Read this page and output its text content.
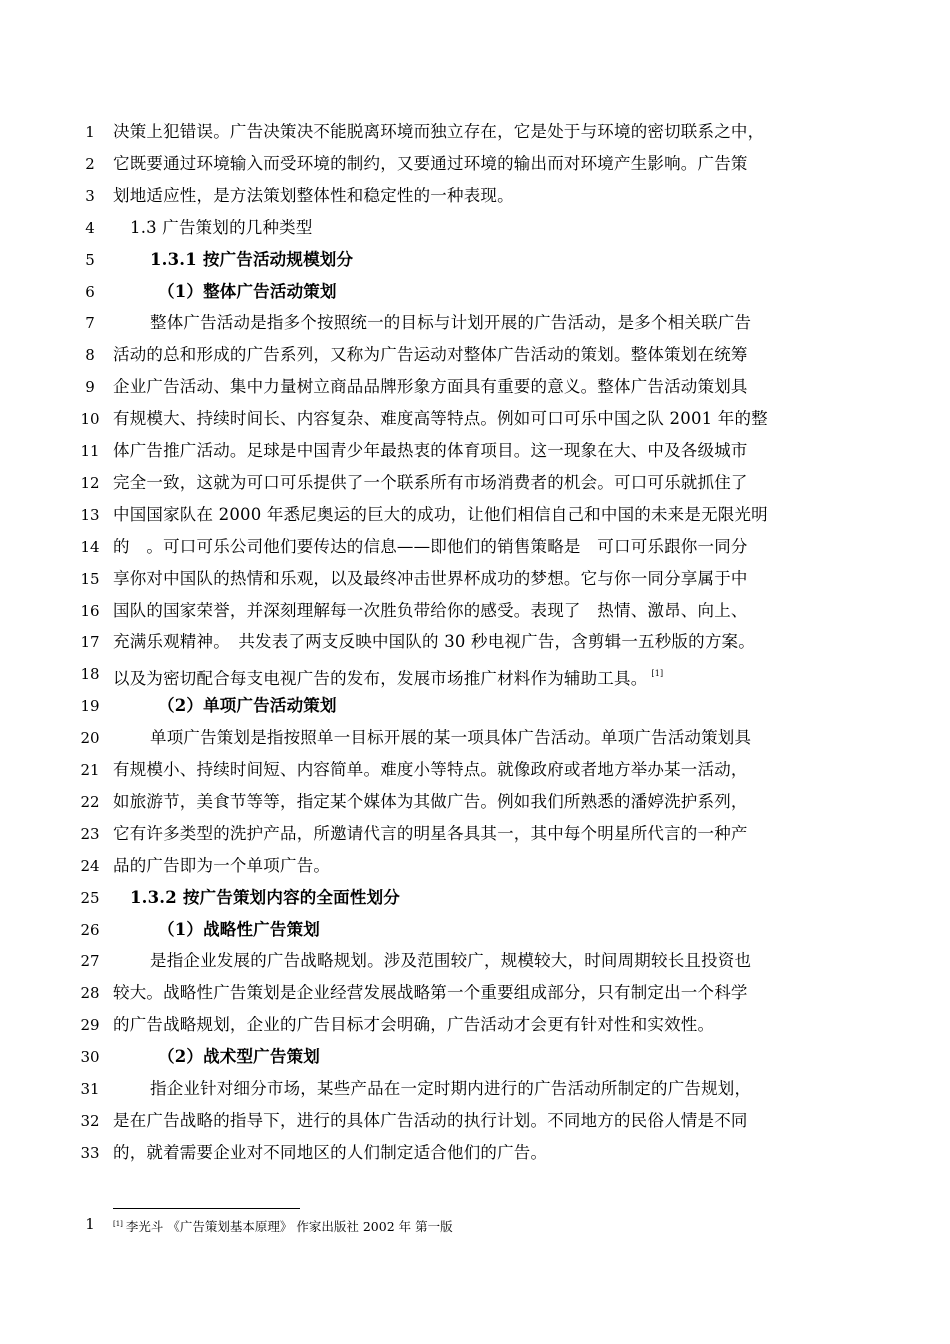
1	决策上犯错误。广告决策决不能脱离环境而独立存在，它是处于与环境的密切联系之中，
2	它既要通过环境输入而受环境的制约，又要通过环境的输出而对环境产生影响。广告策
3	划地适应性，是方法策划整体性和稳定性的一种表现。
4	1.3 广告策划的几种类型
5	1.3.1 按广告活动规模划分
6	（1）整体广告活动策划
7	整体广告活动是指多个按照统一的目标与计划开展的广告活动，是多个相关联广告
8	活动的总和形成的广告系列，又称为广告运动对整体广告活动的策划。整体策划在统筹
9	企业广告活动、集中力量树立商品品牌形象方面具有重要的意义。整体广告活动策划具
10 有规模大、持续时间长、内容复杂、难度高等特点。例如可口可乐中国之队 2001 年的整
11 体广告推广活动。足球是中国青少年最热衷的体育项目。这一现象在大、中及各级城市
12 完全一致，这就为可口可乐提供了一个联系所有市场消费者的机会。可口可乐就抓住了
13 中国国家队在 2000 年悉尼奥运的巨大的成功，让他们相信自己和中国的未来是无限光明
14 的　。可口可乐公司他们要传达的信息——即他们的销售策略是　可口可乐跟你一同分
15 享你对中国队的热情和乐观，以及最终冲击世界杯成功的梦想。它与你一同分享属于中
16 国队的国家荣誉，并深刻理解每一次胜负带给你的感受。表现了　热情、激昂、向上、
17 充满乐观精神。　共发表了两支反映中国队的 30 秒电视广告，含剪辑一五秒版的方案。
18 以及为密切配合每支电视广告的发布，发展市场推广材料作为辅助工具。 [1]
19	（2）单项广告活动策划
20	单项广告策划是指按照单一目标开展的某一项具体广告活动。单项广告活动策划具
21 有规模小、持续时间短、内容简单。难度小等特点。就像政府或者地方举办某一活动，
22 如旅游节，美食节等等，指定某个媒体为其做广告。例如我们所熟悉的潘婷洗护系列，
23 它有许多类型的洗护产品，所邀请代言的明星各具其一，其中每个明星所代言的一种产
24 品的广告即为一个单项广告。
25	1.3.2 按广告策划内容的全面性划分
26	（1）战略性广告策划
27	是指企业发展的广告战略规划。涉及范围较广，规模较大，时间周期较长且投资也
28 较大。战略性广告策划是企业经营发展战略第一个重要组成部分，只有制定出一个科学
29 的广告战略规划，企业的广告目标才会明确，广告活动才会更有针对性和实效性。
30	（2）战术型广告策划
31	指企业针对细分市场，某些产品在一定时期内进行的广告活动所制定的广告规划，
32 是在广告战略的指导下，进行的具体广告活动的执行计划。不同地方的民俗人情是不同
33 的，就着需要企业对不同地区的人们制定适合他们的广告。
1	[1] 李光斗 《广告策划基本原理》 作家出版社 2002 年 第一版
